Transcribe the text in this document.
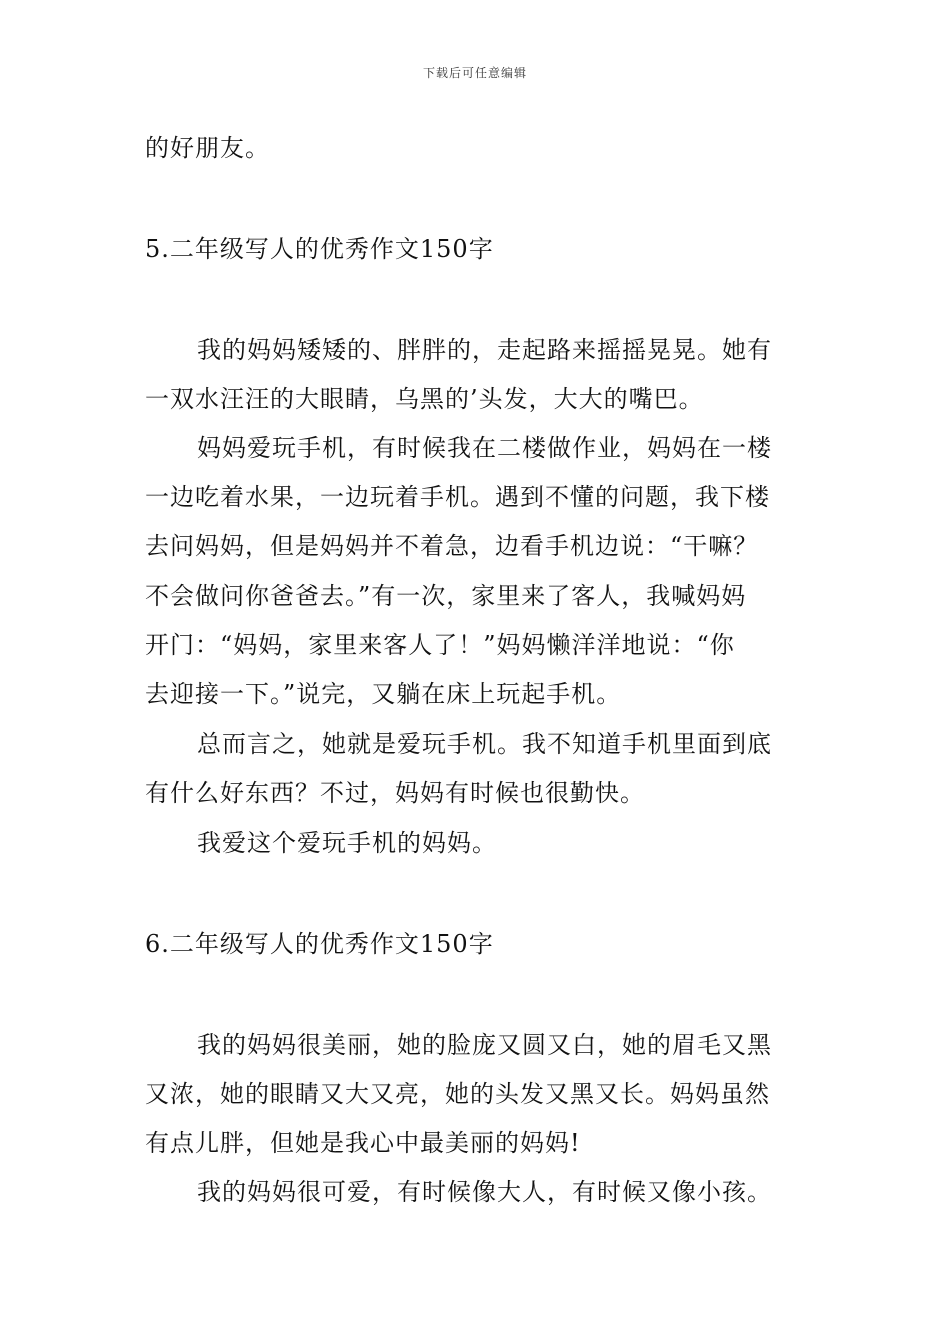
下载后可任意编辑
的好朋友。
5.二年级写人的优秀作文150字
我的妈妈矮矮的、胖胖的，走起路来摇摇晃晃。她有
一双水汪汪的大眼睛，乌黑的’头发，大大的嘴巴。
妈妈爱玩手机，有时候我在二楼做作业，妈妈在一楼
一边吃着水果，一边玩着手机。遇到不懂的问题，我下楼
去问妈妈，但是妈妈并不着急，边看手机边说：“干嘛？
不会做问你爸爸去。”有一次，家里来了客人，我喊妈妈
开门：“妈妈，家里来客人了！”妈妈懒洋洋地说：“你
去迎接一下。”说完，又躺在床上玩起手机。
总而言之，她就是爱玩手机。我不知道手机里面到底
有什么好东西？不过，妈妈有时候也很勤快。
我爱这个爱玩手机的妈妈。
6.二年级写人的优秀作文150字
我的妈妈很美丽，她的脸庞又圆又白，她的眉毛又黑
又浓，她的眼睛又大又亮，她的头发又黑又长。妈妈虽然
有点儿胖，但她是我心中最美丽的妈妈!
我的妈妈很可爱，有时候像大人，有时候又像小孩。
